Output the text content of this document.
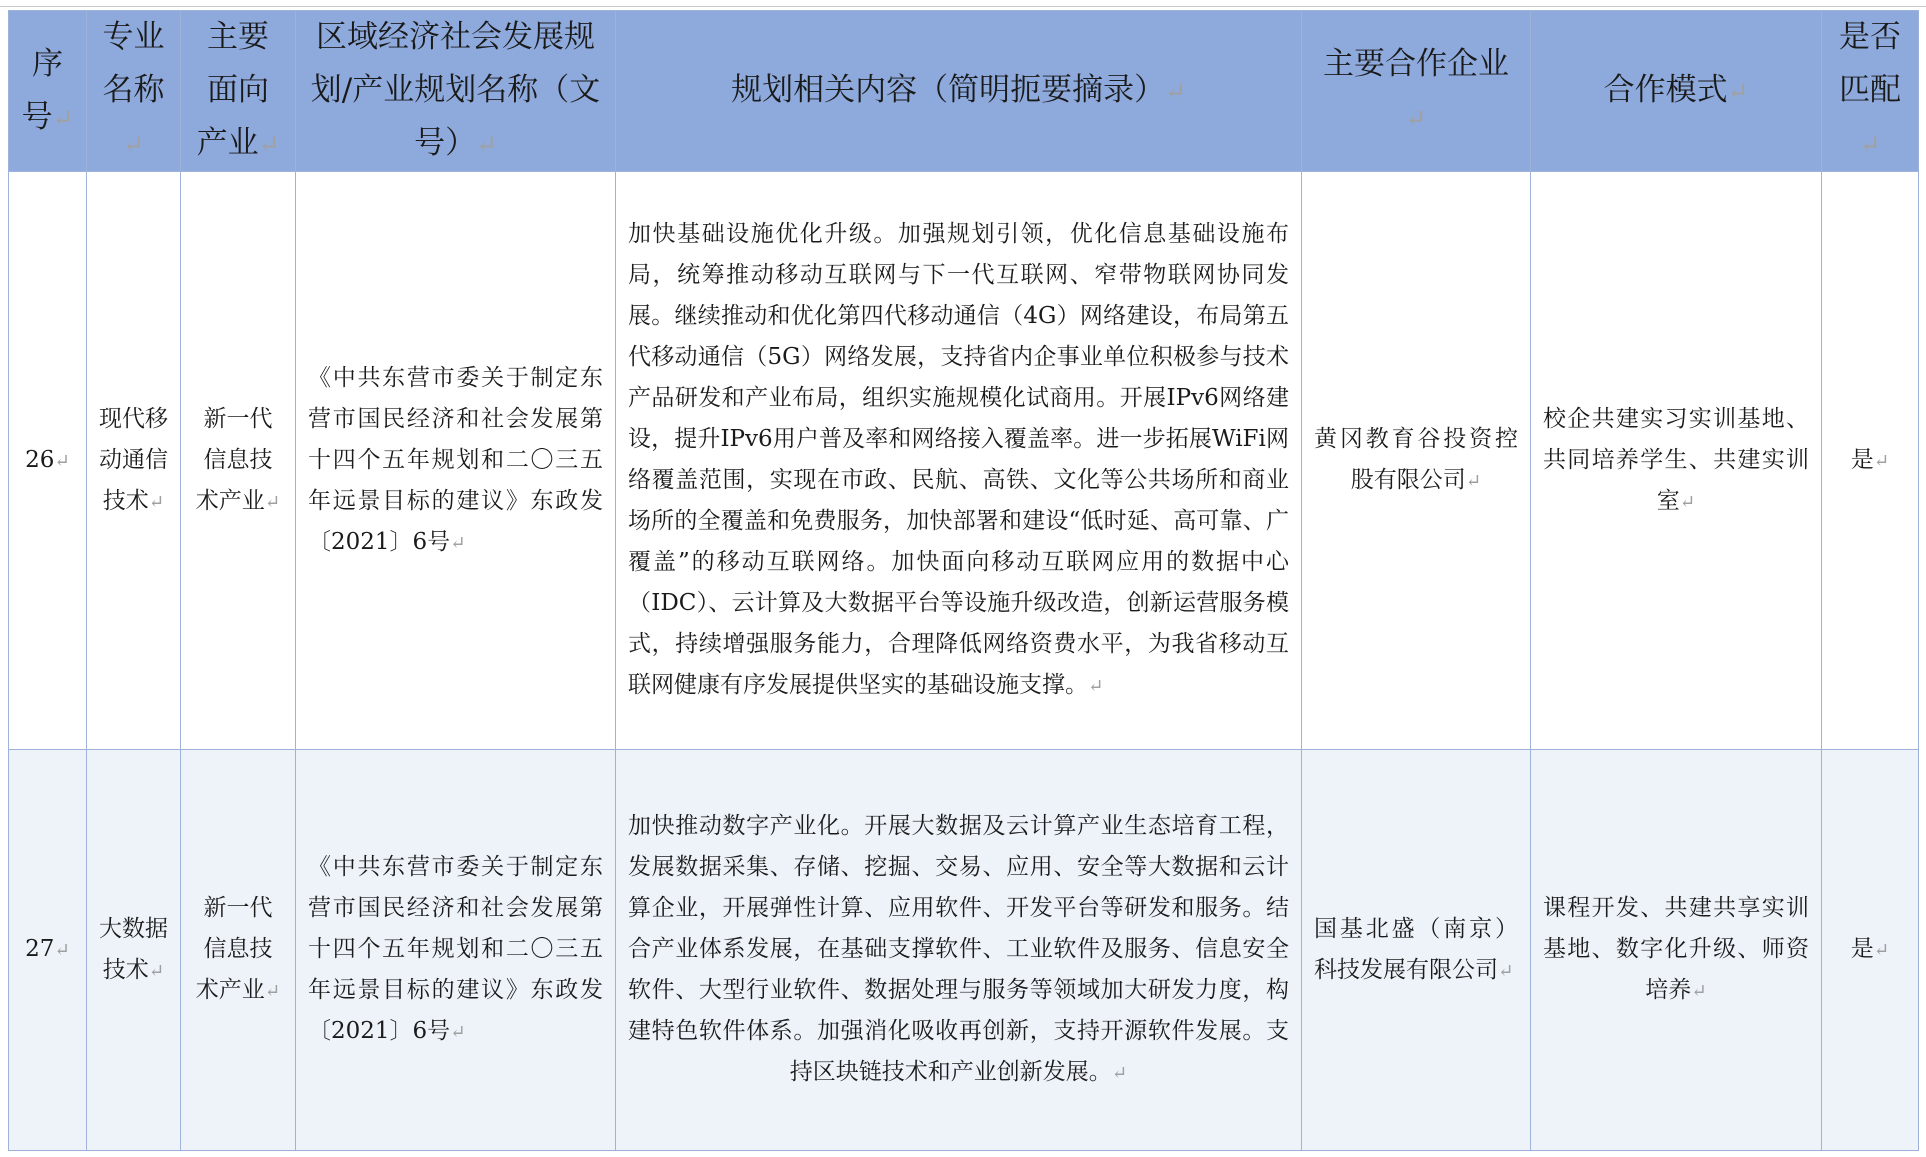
序号↵	专业名称↵	主要面向产业↵	区域经济社会发展规划/产业规划名称（文号）↵	规划相关内容（简明扼要摘录）↵	主要合作企业↵	合作模式↵	是否匹配↵
26↵	现代移动通信技术↵	新一代信息技术产业↵	《中共东营市委关于制定东营市国民经济和社会发展第十四个五年规划和二〇三五年远景目标的建议》东政发〔2021〕6号↵	加快基础设施优化升级。加强规划引领，优化信息基础设施布局，统筹推动移动互联网与下一代互联网、窄带物联网协同发展。继续推动和优化第四代移动通信（4G）网络建设，布局第五代移动通信（5G）网络发展，支持省内企事业单位积极参与技术产品研发和产业布局，组织实施规模化试商用。开展IPv6网络建设，提升IPv6用户普及率和网络接入覆盖率。进一步拓展WiFi网络覆盖范围，实现在市政、民航、高铁、文化等公共场所和商业场所的全覆盖和免费服务，加快部署和建设“低时延、高可靠、广覆盖”的移动互联网络。加快面向移动互联网应用的数据中心（IDC）、云计算及大数据平台等设施升级改造，创新运营服务模式，持续增强服务能力，合理降低网络资费水平，为我省移动互联网健康有序发展提供坚实的基础设施支撑。↵	黄冈教育谷投资控股有限公司↵	校企共建实习实训基地、共同培养学生、共建实训室↵	是↵
27↵	大数据技术↵	新一代信息技术产业↵	《中共东营市委关于制定东营市国民经济和社会发展第十四个五年规划和二〇三五年远景目标的建议》东政发〔2021〕6号↵	加快推动数字产业化。开展大数据及云计算产业生态培育工程，发展数据采集、存储、挖掘、交易、应用、安全等大数据和云计算企业，开展弹性计算、应用软件、开发平台等研发和服务。结合产业体系发展，在基础支撑软件、工业软件及服务、信息安全软件、大型行业软件、数据处理与服务等领域加大研发力度，构建特色软件体系。加强消化吸收再创新，支持开源软件发展。支持区块链技术和产业创新发展。↵	国基北盛（南京）科技发展有限公司↵	课程开发、共建共享实训基地、数字化升级、师资培养↵	是↵
